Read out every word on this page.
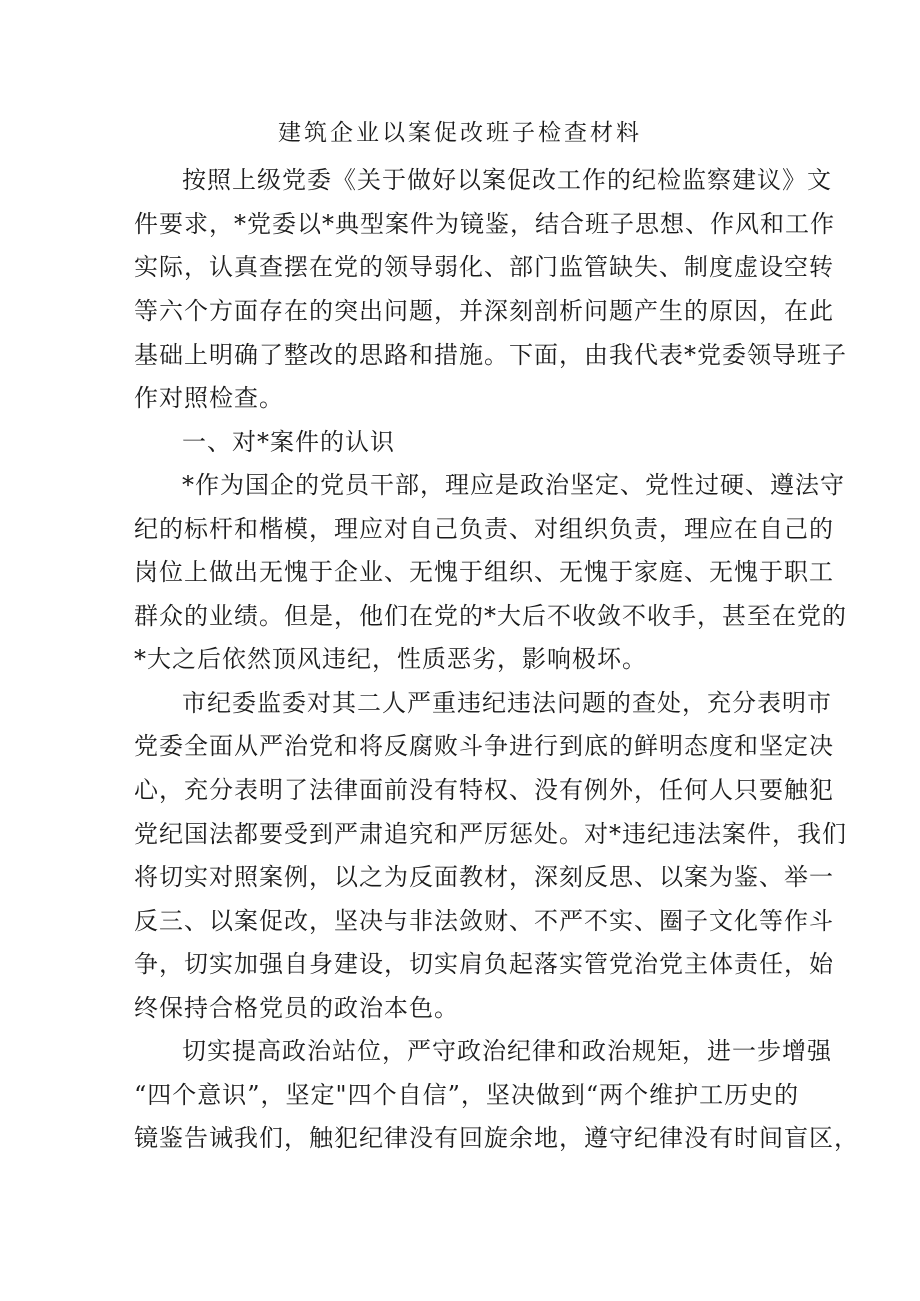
建筑企业以案促改班子检查材料
按照上级党委《关于做好以案促改工作的纪检监察建议》文
件要求，*党委以*典型案件为镜鉴，结合班子思想、作风和工作
实际，认真查摆在党的领导弱化、部门监管缺失、制度虚设空转
等六个方面存在的突出问题，并深刻剖析问题产生的原因，在此
基础上明确了整改的思路和措施。下面，由我代表*党委领导班子
作对照检查。
一、对*案件的认识
*作为国企的党员干部，理应是政治坚定、党性过硬、遵法守
纪的标杆和楷模，理应对自己负责、对组织负责，理应在自己的
岗位上做出无愧于企业、无愧于组织、无愧于家庭、无愧于职工
群众的业绩。但是，他们在党的*大后不收敛不收手，甚至在党的
*大之后依然顶风违纪，性质恶劣，影响极坏。
市纪委监委对其二人严重违纪违法问题的查处，充分表明市
党委全面从严治党和将反腐败斗争进行到底的鲜明态度和坚定决
心，充分表明了法律面前没有特权、没有例外，任何人只要触犯
党纪国法都要受到严肃追究和严厉惩处。对*违纪违法案件，我们
将切实对照案例，以之为反面教材，深刻反思、以案为鉴、举一
反三、以案促改，坚决与非法敛财、不严不实、圈子文化等作斗
争，切实加强自身建设，切实肩负起落实管党治党主体责任，始
终保持合格党员的政治本色。
切实提高政治站位，严守政治纪律和政治规矩，进一步增强
“四个意识”，坚定"四个自信”，坚决做到“两个维护工历史的
镜鉴告诫我们，触犯纪律没有回旋余地，遵守纪律没有时间盲区，
